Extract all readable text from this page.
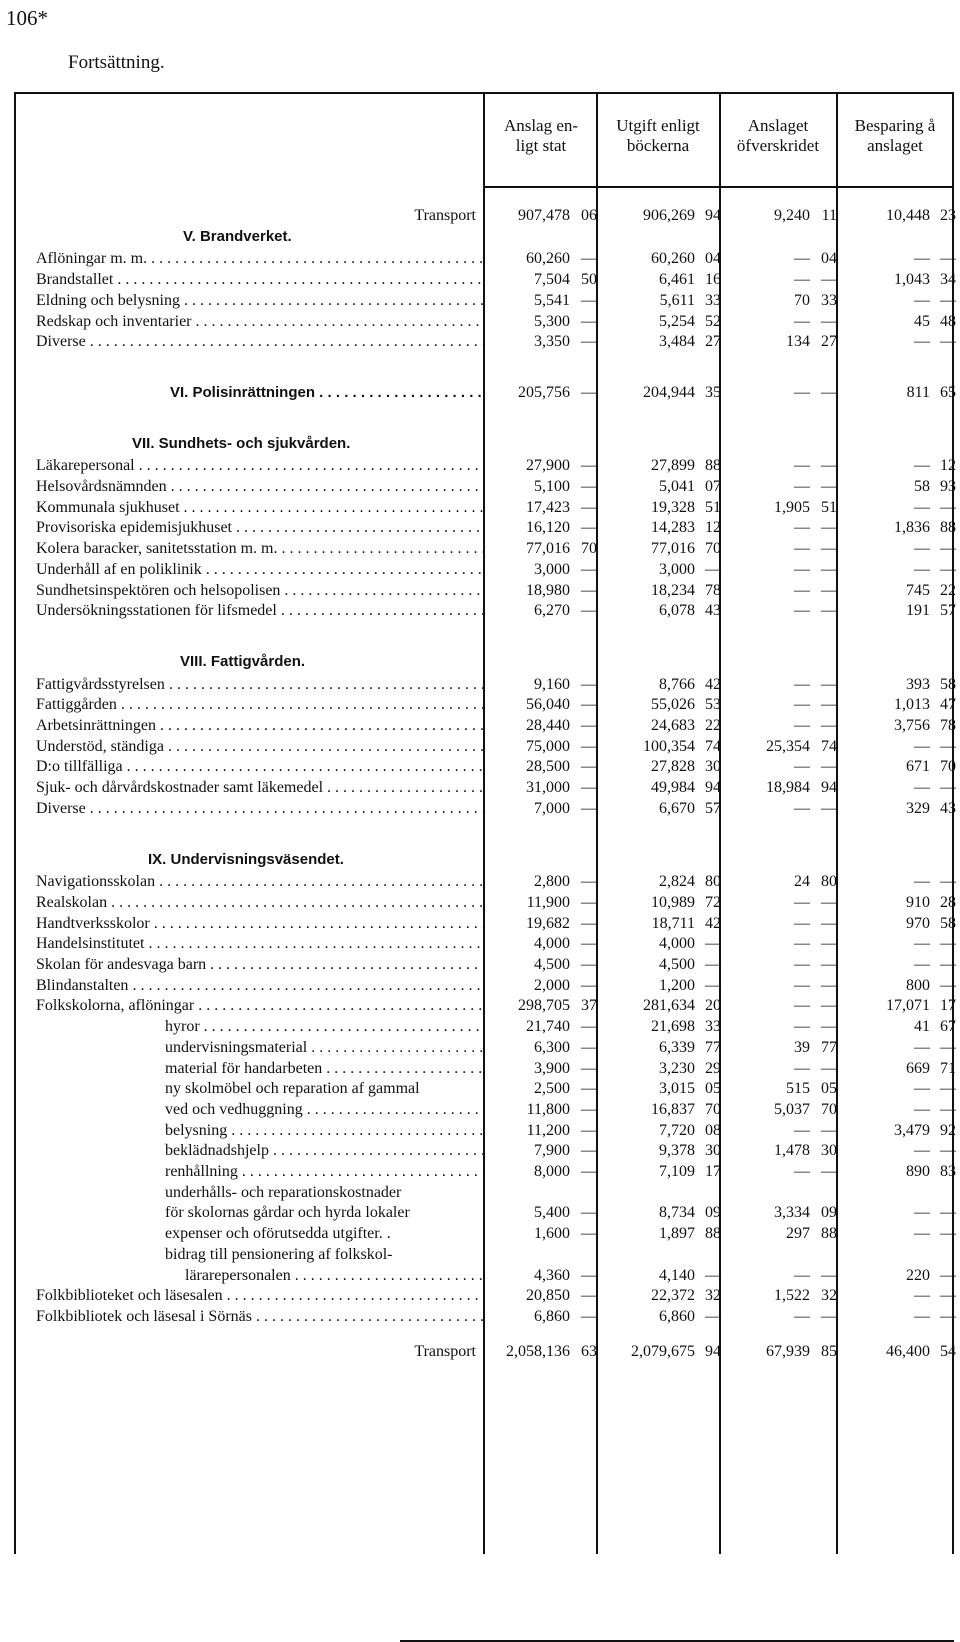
106*
Fortsättning.
Anslag en-
ligt stat
Utgift enligt
böckerna
Anslaget
öfverskridet
Besparing å
anslaget
Transport	907,478 06	906,269 94	9,240 11	10,448 23
V. Brandverket.
Aflöningar m. m. . . .	60,260 —	60,260 04	— 04	— —
Brandstallet . . .	7,504 50	6,461 16	— —	1,043 34
Eldning och belysning . . .	5,541 —	5,611 33	70 33	— —
Redskap och inventarier . . .	5,300 —	5,254 52	— —	45 48
Diverse . . .	3,350 —	3,484 27	134 27	— —
VI. Polisinrättningen . . .	205,756 —	204,944 35	— —	811 65
VII. Sundhets- och sjukvården.
Läkarepersonal . . .	27,900 —	27,899 88	— —	— 12
Helsovårdsnämnden . . .	5,100 —	5,041 07	— —	58 93
Kommunala sjukhuset . . .	17,423 —	19,328 51	1,905 51	— —
Provisoriska epidemisjukhuset . . .	16,120 —	14,283 12	— —	1,836 88
Kolera baracker, sanitetsstation m. m. . . .	77,016 70	77,016 70	— —	— —
Underhåll af en poliklinik . . .	3,000 —	3,000 —	— —	— —
Sundhetsinspektören och helsopolisen . . .	18,980 —	18,234 78	— —	745 22
Undersökningsstationen för lifsmedel . . .	6,270 —	6,078 43	— —	191 57
VIII. Fattigvården.
Fattigvårdsstyrelsen . . .	9,160 —	8,766 42	— —	393 58
Fattiggården . . .	56,040 —	55,026 53	— —	1,013 47
Arbetsinrättningen . . .	28,440 —	24,683 22	— —	3,756 78
Understöd, ständiga . . .	75,000 —	100,354 74	25,354 74	— —
D:o tillfälliga . . .	28,500 —	27,828 30	— —	671 70
Sjuk- och dårvårdskostnader samt läkemedel . . .	31,000 —	49,984 94	18,984 94	— —
Diverse . . .	7,000 —	6,670 57	— —	329 43
IX. Undervisningsväsendet.
Navigationsskolan . . .	2,800 —	2,824 80	24 80	— —
Realskolan . . .	11,900 —	10,989 72	— —	910 28
Handtverksskolor . . .	19,682 —	18,711 42	— —	970 58
Handelsinstitutet . . .	4,000 —	4,000 —	— —	— —
Skolan för andesvaga barn . . .	4,500 —	4,500 —	— —	— —
Blindanstalten . . .	2,000 —	1,200 —	— —	800 —
Folkskolorna, aflöningar . . .	298,705 37	281,634 20	— —	17,071 17
hyror . . .	21,740 —	21,698 33	— —	41 67
undervisningsmaterial . . .	6,300 —	6,339 77	39 77	— —
material för handarbeten . . .	3,900 —	3,230 29	— —	669 71
ny skolmöbel och reparation af gammal	2,500 —	3,015 05	515 05	— —
ved och vedhuggning . . .	11,800 —	16,837 70	5,037 70	— —
belysning . . .	11,200 —	7,720 08	— —	3,479 92
beklädnadshjelp . . .	7,900 —	9,378 30	1,478 30	— —
renhållning . . .	8,000 —	7,109 17	— —	890 83
underhålls- och reparationskostnader
för skolornas gårdar och hyrda lokaler	5,400 —	8,734 09	3,334 09	— —
expenser och oförutsedda utgifter. .	1,600 —	1,897 88	297 88	— —
bidrag till pensionering af folkskol-
lärarepersonalen . . .	4,360 —	4,140 —	— —	220 —
Folkbiblioteket och läsesalen . . .	20,850 —	22,372 32	1,522 32	— —
Folkbibliotek och läsesal i Sörnäs . . .	6,860 —	6,860 —	— —	— —
Transport	2,058,136 63	2,079,675 94	67,939 85	46,400 54
